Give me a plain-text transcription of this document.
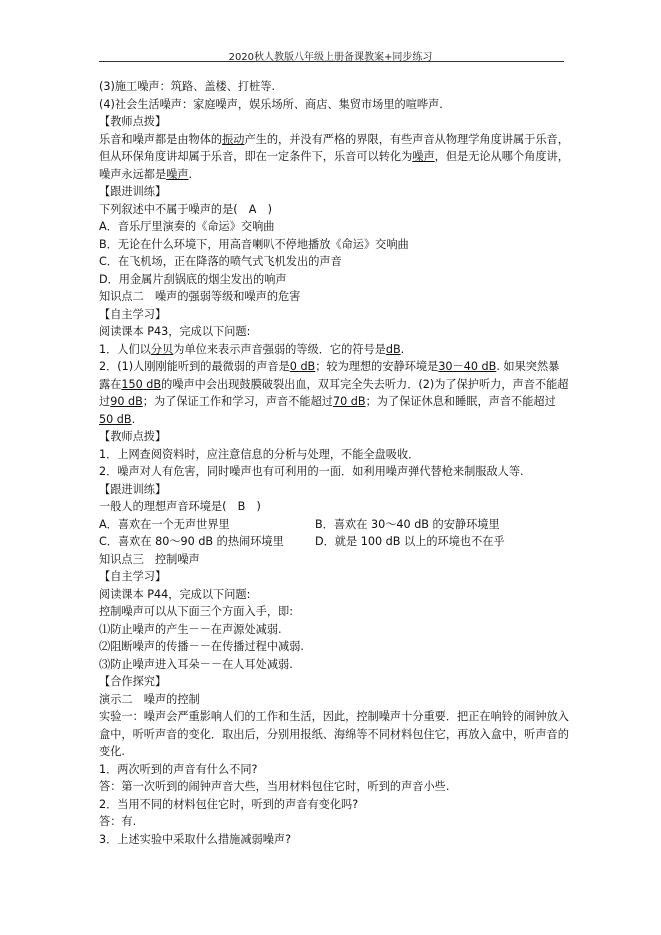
2020秋人教版八年级上册备课教案+同步练习
(3)施工噪声：筑路、盖楼、打桩等.
(4)社会生活噪声：家庭噪声，娱乐场所、商店、集贸市场里的喧哗声.
【教师点拨】
乐音和噪声都是由物体的振动产生的，并没有严格的界限，有些声音从物理学角度讲属于乐音，但从环保角度讲却属于乐音，即在一定条件下，乐音可以转化为噪声，但是无论从哪个角度讲，噪声永远都是噪声.
【跟进训练】
下列叙述中不属于噪声的是(　A　)
A．音乐厅里演奏的《命运》交响曲
B．无论在什么环境下，用高音喇叭不停地播放《命运》交响曲
C．在飞机场，正在降落的喷气式飞机发出的声音
D．用金属片刮锅底的烟尘发出的响声
知识点二　噪声的强弱等级和噪声的危害
【自主学习】
阅读课本 P43，完成以下问题:
1．人们以分贝为单位来表示声音强弱的等级．它的符号是dB.
2．(1)人刚刚能听到的最微弱的声音是0 dB；较为理想的安静环境是30－40 dB. 如果突然暴露在150 dB的噪声中会出现鼓膜破裂出血，双耳完全失去听力．(2)为了保护听力，声音不能超过90 dB；为了保证工作和学习，声音不能超过70 dB；为了保证休息和睡眠，声音不能超过50 dB.
【教师点拨】
1．上网查阅资料时，应注意信息的分析与处理，不能全盘吸收．
2．噪声对人有危害，同时噪声也有可利用的一面．如利用噪声弹代替枪来制服敌人等.
【跟进训练】
一般人的理想声音环境是(　B　)
A．喜欢在一个无声世界里	B．喜欢在 30～40 dB 的安静环境里
C．喜欢在 80～90 dB 的热闹环境里	D．就是 100 dB 以上的环境也不在乎
知识点三　控制噪声
【自主学习】
阅读课本 P44，完成以下问题:
控制噪声可以从下面三个方面入手，即:
⑴防止噪声的产生－－在声源处减弱.
⑵阻断噪声的传播－－在传播过程中减弱.
⑶防止噪声进入耳朵－－在人耳处减弱.
【合作探究】
演示二　噪声的控制
实验一：噪声会严重影响人们的工作和生活，因此，控制噪声十分重要．把正在响铃的闹钟放入盒中，听听声音的变化．取出后，分别用报纸、海绵等不同材料包住它，再放入盒中，听声音的变化.
1．两次听到的声音有什么不同?
答：第一次听到的闹钟声音大些，当用材料包住它时，听到的声音小些.
2．当用不同的材料包住它时，听到的声音有变化吗?
答：有.
3．上述实验中采取什么措施减弱噪声?
